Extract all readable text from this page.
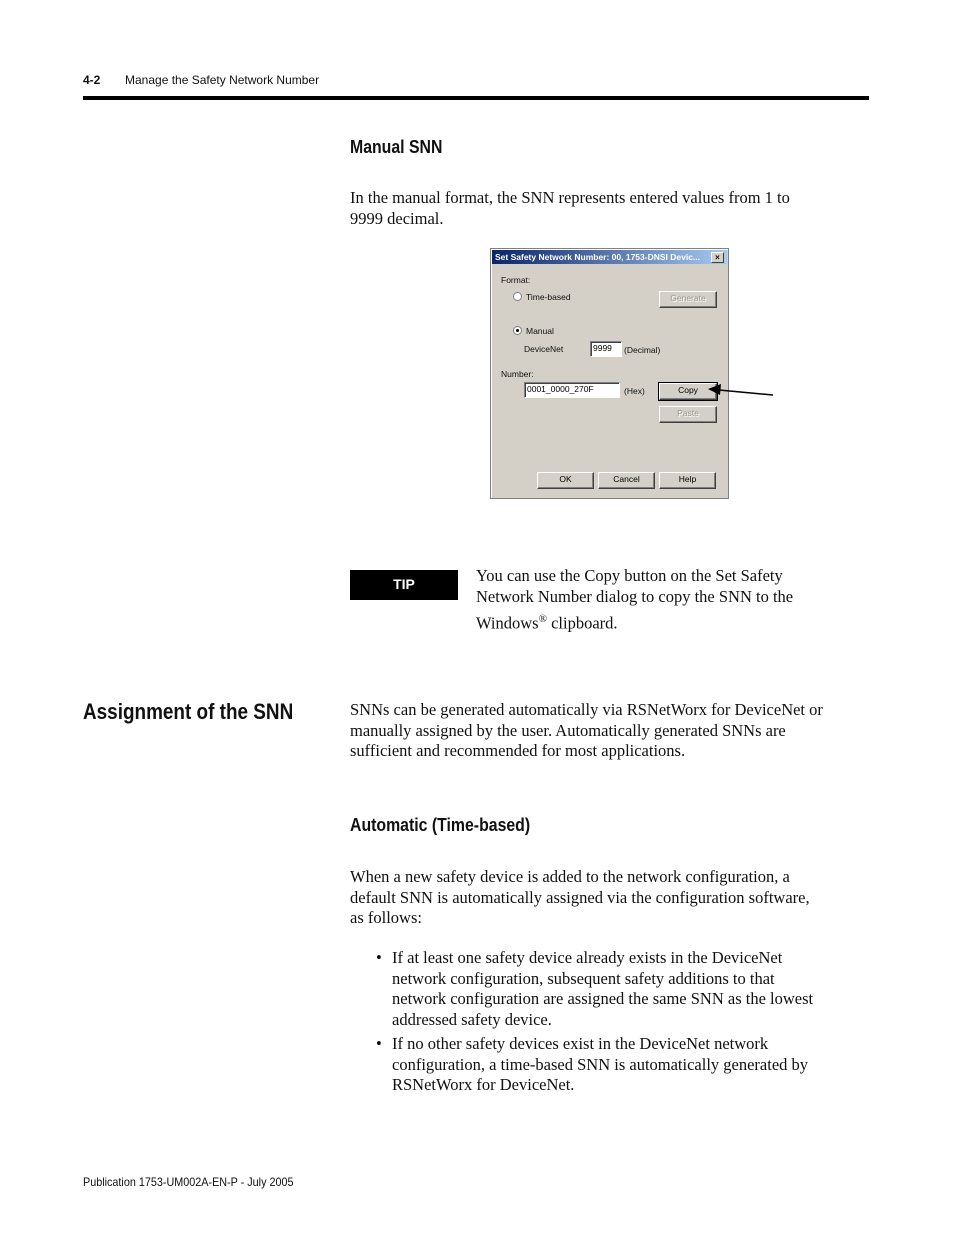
4-2 Manage the Safety Network Number
Manual SNN
In the manual format, the SNN represents entered values from 1 to
9999 decimal.
Set Safety Network Number: 00, 1753-DNSI Devic...	×
Format:
Time-based	Generate
Manual
DeviceNet	9999	(Decimal)
Number:
0001_0000_270F	(Hex)	Copy
Paste
OK	Cancel	Help
TIP	You can use the Copy button on the Set Safety
Network Number dialog to copy the SNN to the
Windows® clipboard.
Assignment of the SNN	SNNs can be generated automatically via RSNetWorx for DeviceNet or
manually assigned by the user. Automatically generated SNNs are
sufficient and recommended for most applications.
Automatic (Time-based)
When a new safety device is added to the network configuration, a
default SNN is automatically assigned via the configuration software,
as follows:
• If at least one safety device already exists in the DeviceNet
network configuration, subsequent safety additions to that
network configuration are assigned the same SNN as the lowest
addressed safety device.
• If no other safety devices exist in the DeviceNet network
configuration, a time-based SNN is automatically generated by
RSNetWorx for DeviceNet.
Publication 1753-UM002A-EN-P - July 2005
